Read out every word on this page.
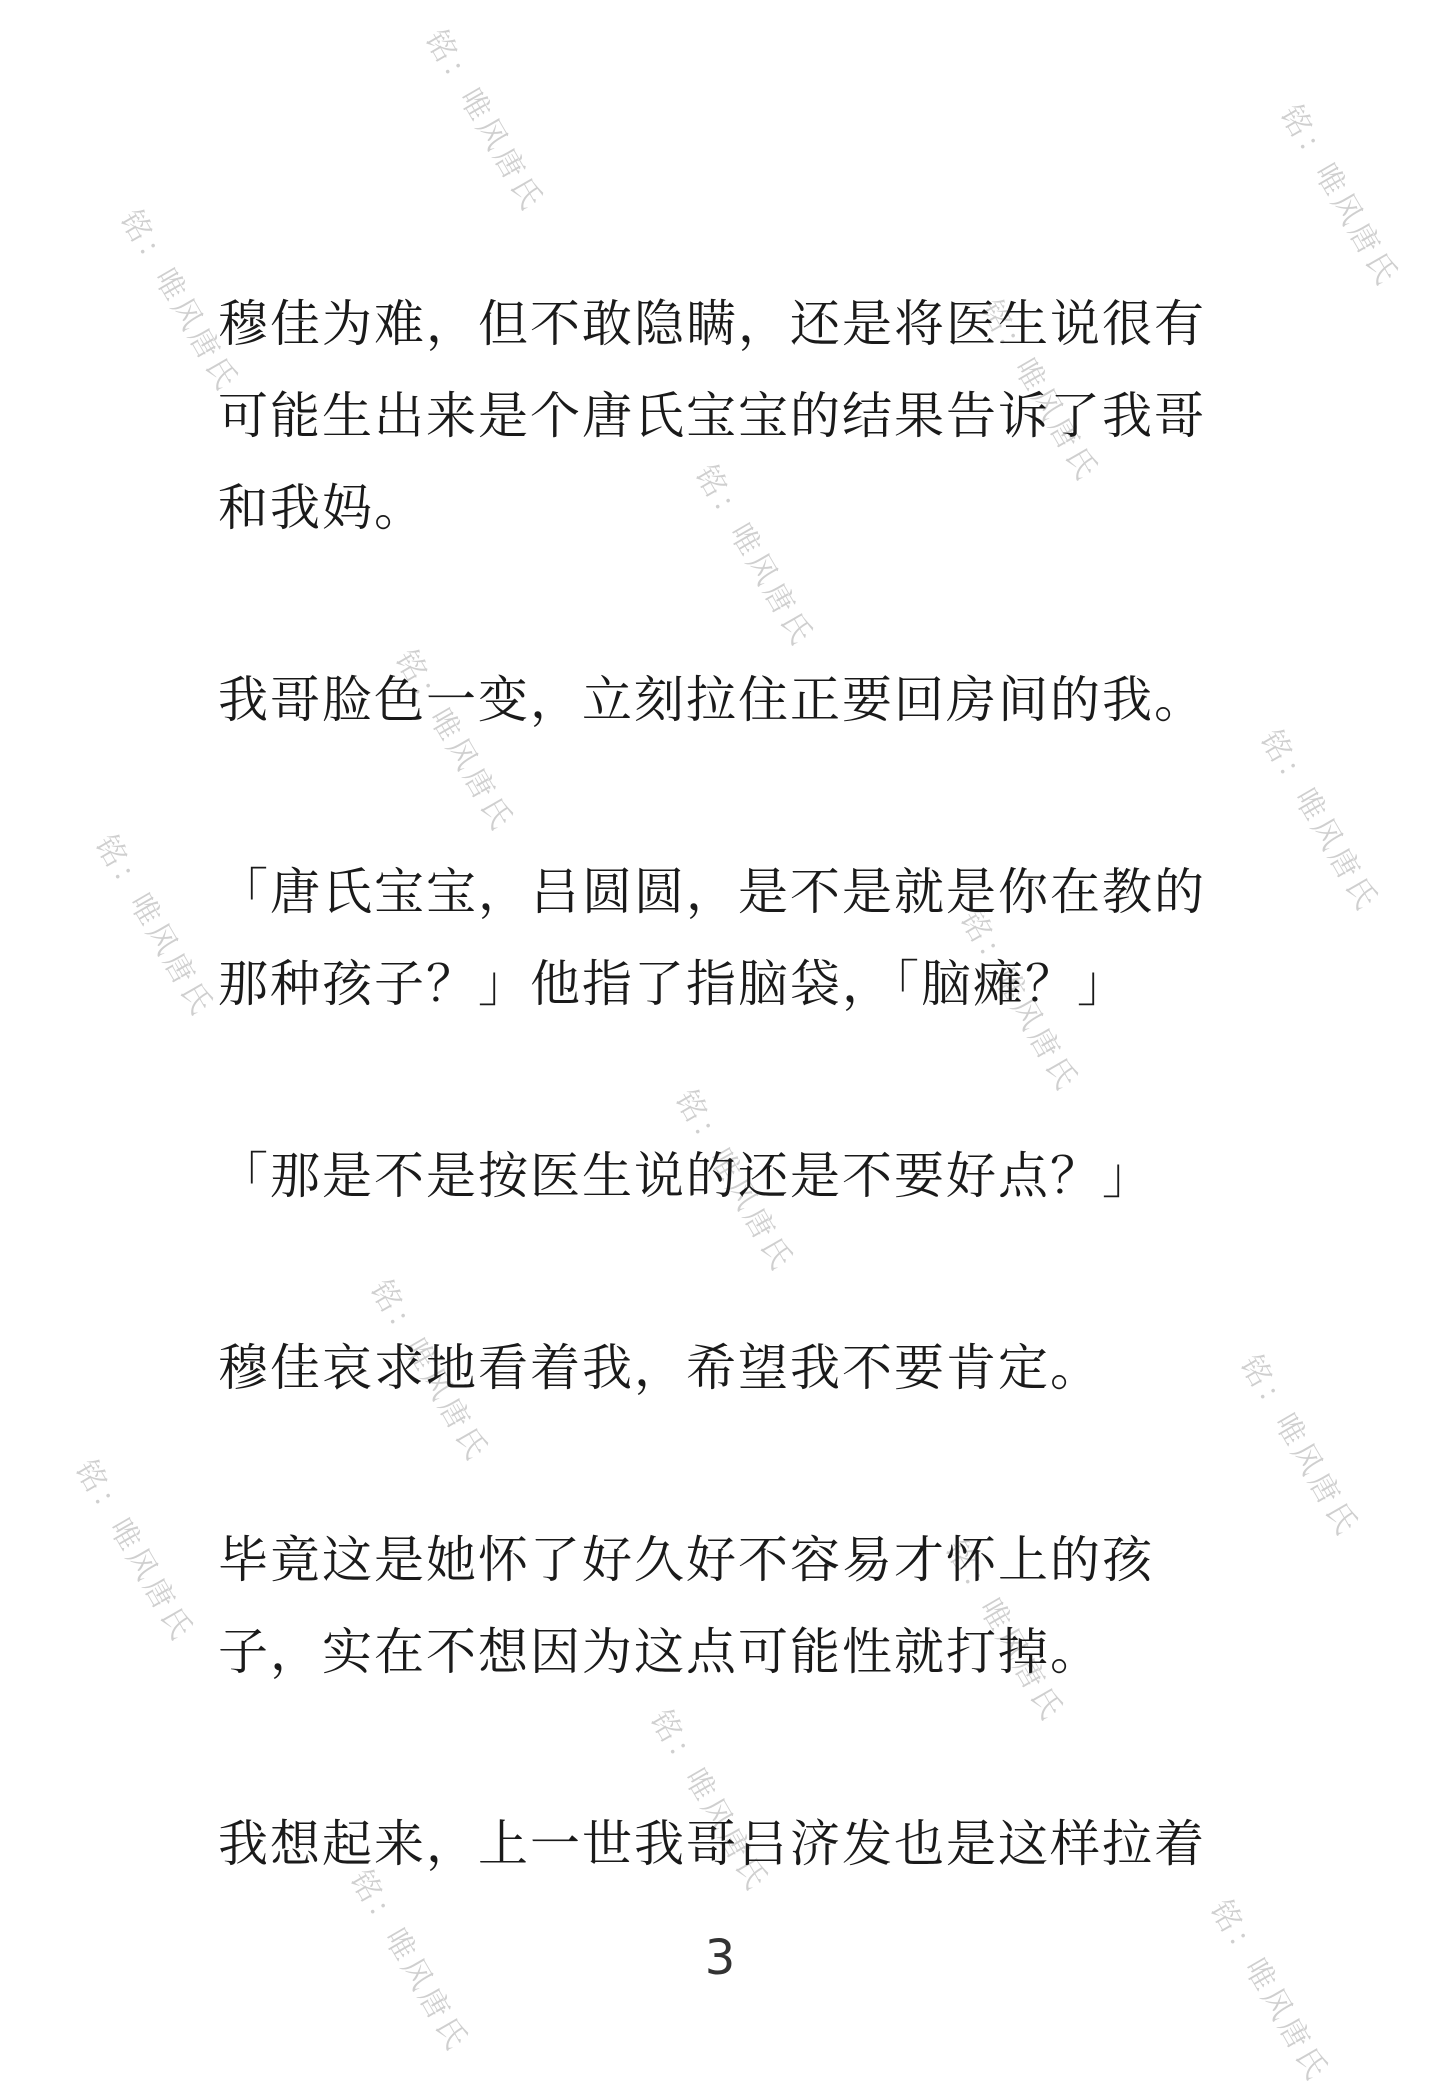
铭：唯风唐氏	铭：唯风唐氏
铭：唯风唐氏	铭：唯风唐氏
铭：唯风唐氏
铭：唯风唐氏	铭：唯风唐氏
铭：唯风唐氏	铭：唯风唐氏
铭：唯风唐氏
铭：唯风唐氏	铭：唯风唐氏
铭：唯风唐氏	铭：唯风唐氏
铭：唯风唐氏
铭：唯风唐氏	铭：唯风唐氏

穆佳为难，但不敢隐瞒，还是将医生说很有可能生出来是个唐氏宝宝的结果告诉了我哥和我妈。

我哥脸色一变，立刻拉住正要回房间的我。

「唐氏宝宝，吕圆圆，是不是就是你在教的那种孩子？」他指了指脑袋，「脑瘫？」

「那是不是按医生说的还是不要好点？」

穆佳哀求地看着我，希望我不要肯定。

毕竟这是她怀了好久好不容易才怀上的孩子，实在不想因为这点可能性就打掉。

我想起来，上一世我哥吕济发也是这样拉着

3
